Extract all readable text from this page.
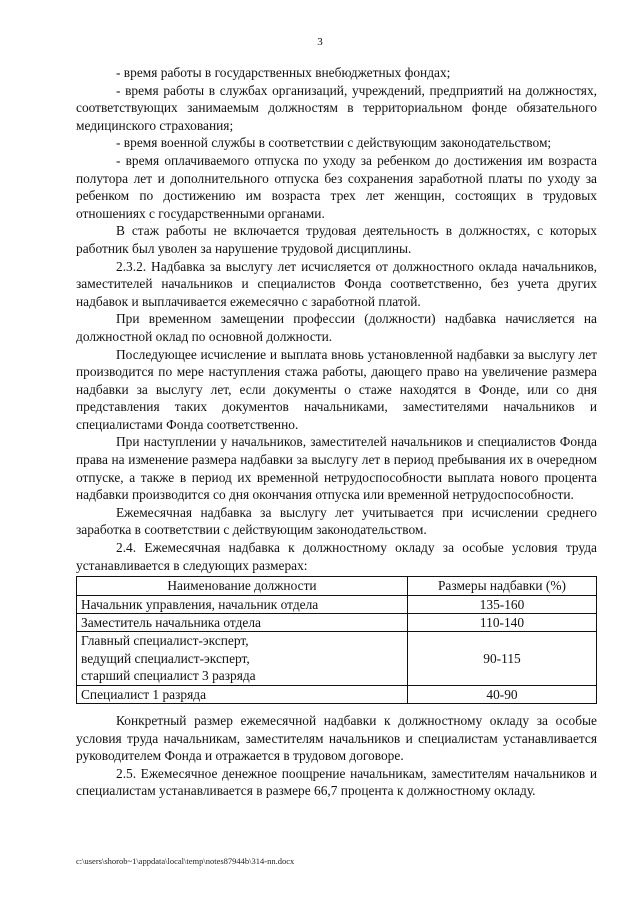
3

- время работы в государственных внебюджетных фондах;

- время работы в службах организаций, учреждений, предприятий на должностях, соответствующих занимаемым должностям в территориальном фонде обязательного медицинского страхования;

- время военной службы в соответствии с действующим законодательством;

- время оплачиваемого отпуска по уходу за ребенком до достижения им возраста полутора лет и дополнительного отпуска без сохранения заработной платы по уходу за ребенком по достижению им возраста трех лет женщин, состоящих в трудовых отношениях с государственными органами.

В стаж работы не включается трудовая деятельность в должностях, с которых работник был уволен за нарушение трудовой дисциплины.

2.3.2. Надбавка за выслугу лет исчисляется от должностного оклада начальников, заместителей начальников и специалистов Фонда соответственно, без учета других надбавок и выплачивается ежемесячно с заработной платой.

При временном замещении профессии (должности) надбавка начисляется на должностной оклад по основной должности.

Последующее исчисление и выплата вновь установленной надбавки за выслугу лет производится по мере наступления стажа работы, дающего право на увеличение размера надбавки за выслугу лет, если документы о стаже находятся в Фонде, или со дня представления таких документов начальниками, заместителями начальников и специалистами Фонда соответственно.

При наступлении у начальников, заместителей начальников и специалистов Фонда права на изменение размера надбавки за выслугу лет в период пребывания их в очередном отпуске, а также в период их временной нетрудоспособности выплата нового процента надбавки производится со дня окончания отпуска или временной нетрудоспособности.

Ежемесячная надбавка за выслугу лет учитывается при исчислении среднего заработка в соответствии с действующим законодательством.

2.4. Ежемесячная надбавка к должностному окладу за особые условия труда устанавливается в следующих размерах:

Наименование должности	Размеры надбавки (%)
Начальник управления, начальник отдела	135-160
Заместитель начальника отдела	110-140
Главный специалист-эксперт,
ведущий специалист-эксперт,
старший специалист 3 разряда	90-115
Специалист 1 разряда	40-90

Конкретный размер ежемесячной надбавки к должностному окладу за особые условия труда начальникам, заместителям начальников и специалистам устанавливается руководителем Фонда и отражается в трудовом договоре.

2.5. Ежемесячное денежное поощрение начальникам, заместителям начальников и специалистам устанавливается в размере 66,7 процента к должностному окладу.

c:\users\shorob~1\appdata\local\temp\notes87944b\314-nn.docx
